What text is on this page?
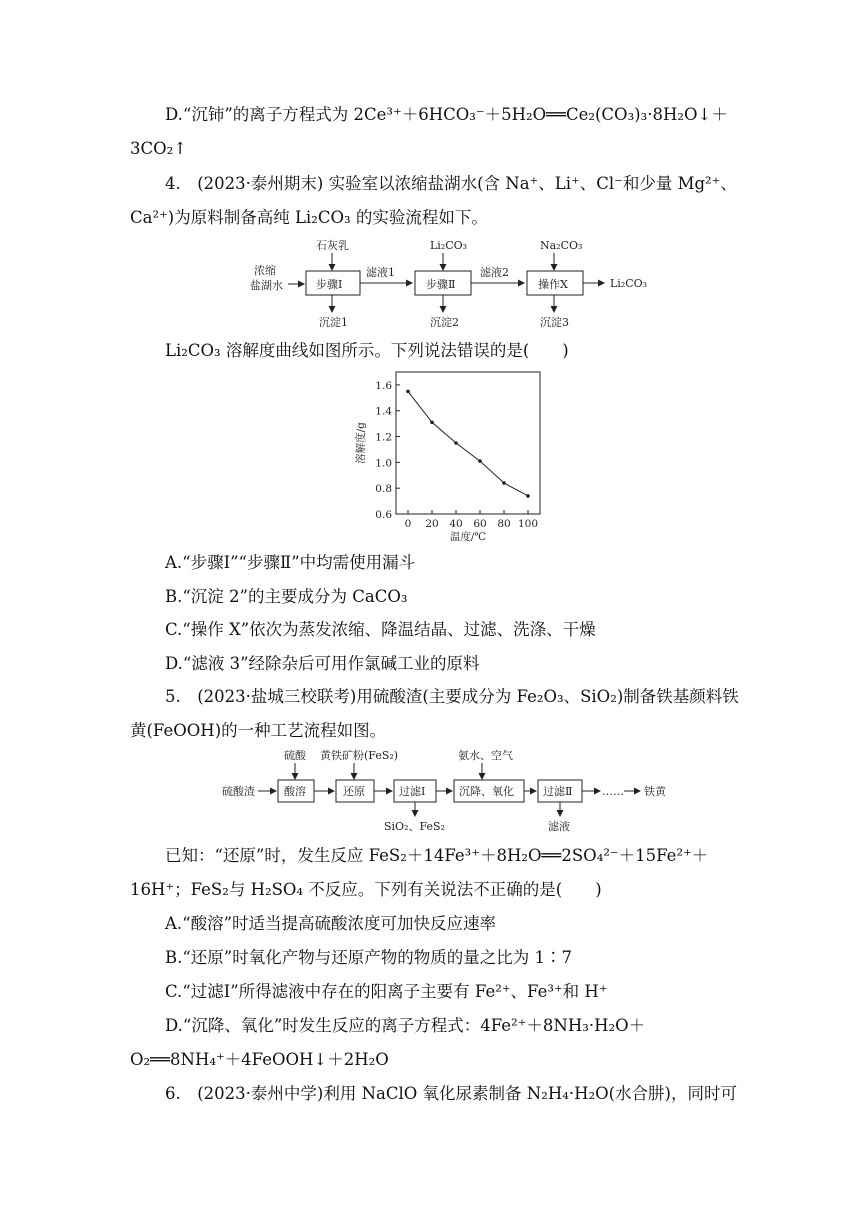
D.“沉铈”的离子方程式为 2Ce³⁺＋6HCO₃⁻＋5H₂O══Ce₂(CO₃)₃·8H₂O↓＋
3CO₂↑
4.　(2023·泰州期末) 实验室以浓缩盐湖水(含 Na⁺、Li⁺、Cl⁻和少量 Mg²⁺、
Ca²⁺)为原料制备高纯 Li₂CO₃ 的实验流程如下。
浓缩
盐湖水
石灰乳
步骤Ⅰ
沉淀1
滤液1
Li₂CO₃
步骤Ⅱ
沉淀2
滤液2
Na₂CO₃
操作X
沉淀3
Li₂CO₃
Li₂CO₃ 溶解度曲线如图所示。下列说法错误的是(　　)
0.6
0.8
1.0
1.2
1.4
1.6
0 20 40 60 80 100
溶解度/g
温度/℃
A.“步骤Ⅰ”“步骤Ⅱ”中均需使用漏斗
B.“沉淀 2”的主要成分为 CaCO₃
C.“操作 X”依次为蒸发浓缩、降温结晶、过滤、洗涤、干燥
D.“滤液 3”经除杂后可用作氯碱工业的原料
5.　(2023·盐城三校联考)用硫酸渣(主要成分为 Fe₂O₃、SiO₂)制备铁基颜料铁
黄(FeOOH)的一种工艺流程如图。
硫酸渣
硫酸
酸溶
黄铁矿粉(FeS₂)
还原	过滤Ⅰ
SiO₂、FeS₂
氨水、空气
沉降、氧化	过滤Ⅱ
滤液
…… 铁黄
已知：“还原”时，发生反应 FeS₂＋14Fe³⁺＋8H₂O══2SO₄²⁻＋15Fe²⁺＋
16H⁺；FeS₂与 H₂SO₄ 不反应。下列有关说法不正确的是(　　)
A.“酸溶”时适当提高硫酸浓度可加快反应速率
B.“还原”时氧化产物与还原产物的物质的量之比为 1∶7
C.“过滤Ⅰ”所得滤液中存在的阳离子主要有 Fe²⁺、Fe³⁺和 H⁺
D.“沉降、氧化”时发生反应的离子方程式：4Fe²⁺＋8NH₃·H₂O＋
O₂══8NH₄⁺＋4FeOOH↓＋2H₂O
6.　(2023·泰州中学)利用 NaClO 氧化尿素制备 N₂H₄·H₂O(水合肼)，同时可
